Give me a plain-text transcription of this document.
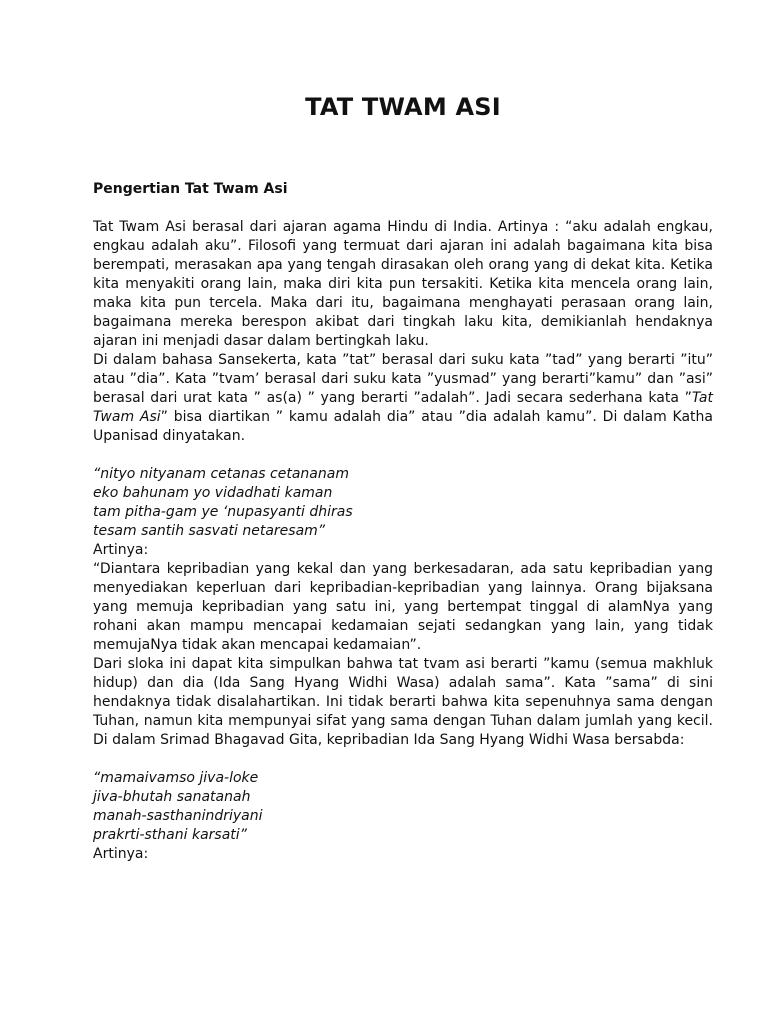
TAT TWAM ASI

Pengertian Tat Twam Asi

Tat Twam Asi berasal dari ajaran agama Hindu di India. Artinya : “aku adalah engkau, engkau adalah aku”. Filosofi yang termuat dari ajaran ini adalah bagaimana kita bisa berempati, merasakan apa yang tengah dirasakan oleh orang yang di dekat kita. Ketika kita menyakiti orang lain, maka diri kita pun tersakiti. Ketika kita mencela orang lain, maka kita pun tercela. Maka dari itu, bagaimana menghayati perasaan orang lain, bagaimana mereka berespon akibat dari tingkah laku kita, demikianlah hendaknya ajaran ini menjadi dasar dalam bertingkah laku.

Di dalam bahasa Sansekerta, kata ”tat” berasal dari suku kata ”tad” yang berarti ”itu” atau ”dia”. Kata ”tvam’ berasal dari suku kata ”yusmad” yang berarti”kamu” dan ”asi” berasal dari urat kata ” as(a) ” yang berarti ”adalah”. Jadi secara sederhana kata ”Tat Twam Asi” bisa diartikan ” kamu adalah dia” atau ”dia adalah kamu”. Di dalam Katha Upanisad dinyatakan.

“nityo nityanam cetanas cetananam

eko bahunam yo vidadhati kaman

tam pitha-gam ye ‘nupasyanti dhiras

tesam santih sasvati netaresam”

Artinya:

“Diantara kepribadian yang kekal dan yang berkesadaran, ada satu kepribadian yang menyediakan keperluan dari kepribadian-kepribadian yang lainnya. Orang bijaksana yang memuja kepribadian yang satu ini, yang bertempat tinggal di alamNya yang rohani akan mampu mencapai kedamaian sejati sedangkan yang lain, yang tidak memujaNya tidak akan mencapai kedamaian”.

Dari sloka ini dapat kita simpulkan bahwa tat tvam asi berarti ”kamu (semua makhluk hidup) dan dia (Ida Sang Hyang Widhi Wasa) adalah sama”. Kata ”sama” di sini hendaknya tidak disalahartikan. Ini tidak berarti bahwa kita sepenuhnya sama dengan Tuhan, namun kita mempunyai sifat yang sama dengan Tuhan dalam jumlah yang kecil. Di dalam Srimad Bhagavad Gita, kepribadian Ida Sang Hyang Widhi Wasa bersabda:

“mamaivamso jiva-loke

jiva-bhutah sanatanah

manah-sasthanindriyani

prakrti-sthani karsati”

Artinya:
